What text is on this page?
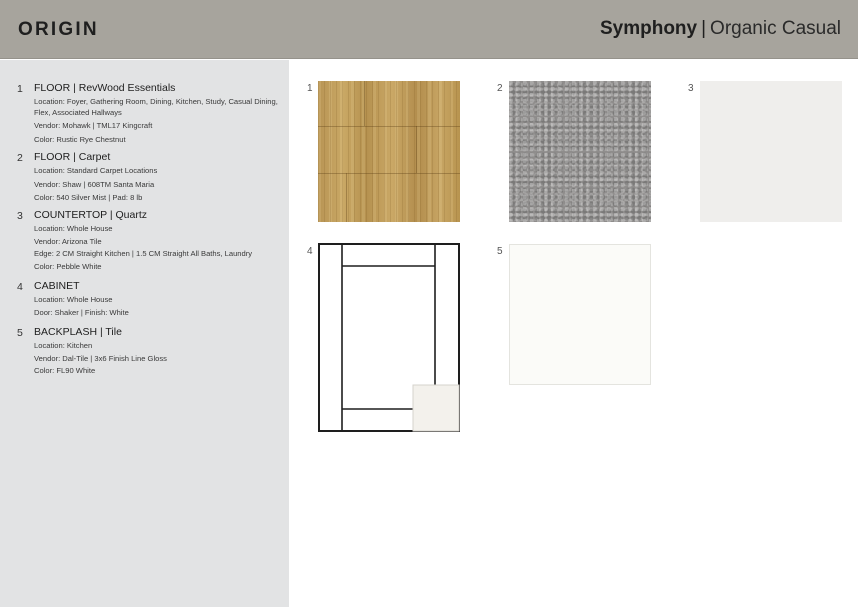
ORIGIN	Symphony | Organic Casual
1 FLOOR | RevWood Essentials
Location: Foyer, Gathering Room, Dining, Kitchen, Study, Casual Dining, Flex, Associated Hallways
Vendor: Mohawk | TML17 Kingcraft
Color: Rustic Rye Chestnut
2 FLOOR | Carpet
Location: Standard Carpet Locations
Vendor: Shaw | 608TM Santa Maria
Color: 540 Silver Mist | Pad: 8 lb
3 COUNTERTOP | Quartz
Location: Whole House
Vendor: Arizona Tile
Edge: 2 CM Straight Kitchen | 1.5 CM Straight All Baths, Laundry
Color: Pebble White
4 CABINET
Location: Whole House
Door: Shaker | Finish: White
5 BACKPLASH | Tile
Location: Kitchen
Vendor: Dal-Tile | 3x6 Finish Line Gloss
Color: FL90 White
1	2	3
4	5
